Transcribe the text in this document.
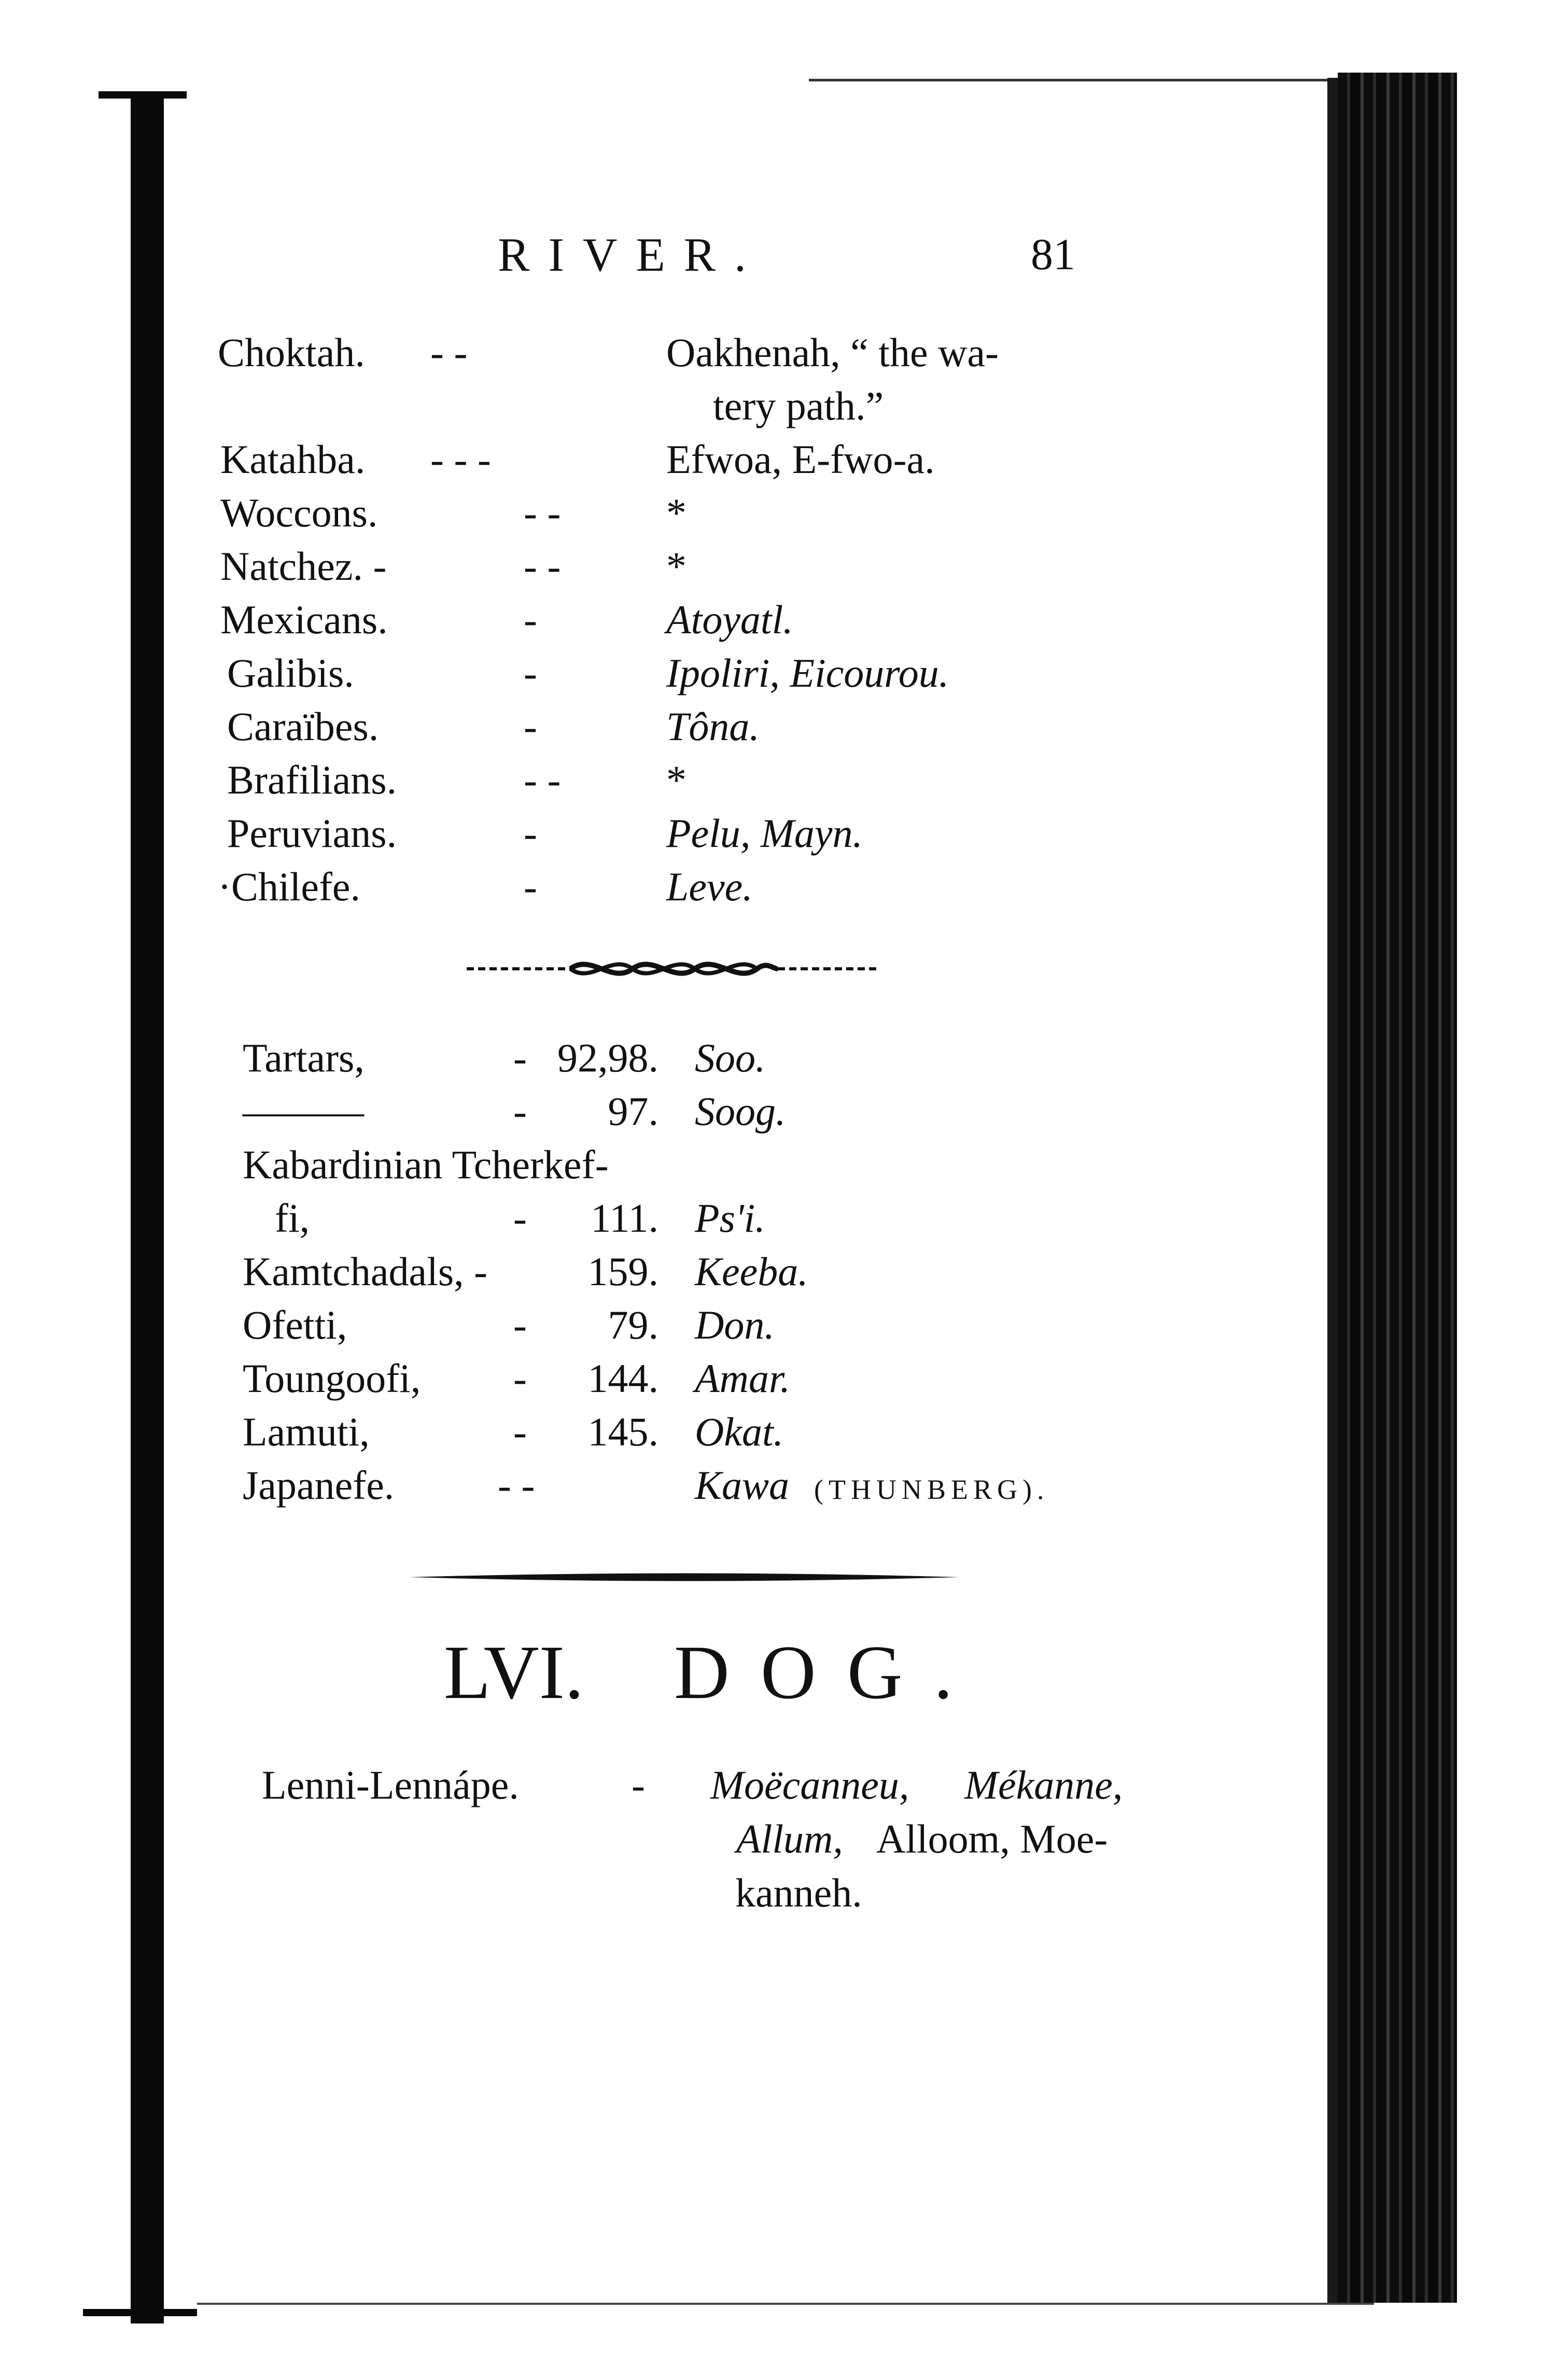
RIVER.	81
Choktah. - -	Oakhenah, “ the wa-
tery path.”
Katahba. - - -	Efwoa, E-fwo-a.
Woccons.	- -	*
Natchez. -	- -	*
Mexicans.	-	Atoyatl.
Galibis.	-	Ipoliri, Eicourou.
Caraïbes.	-	Tôna.
Brafilians.	- -	*
Peruvians.	-	Pelu, Mayn.
·Chilefe.	-	Leve.
Tartars,	- 92,98. Soo.
———	-	97. Soog.
Kabardinian Tcherkef-
fi,	-	111. Ps'i.
Kamtchadals, -	159. Keeba.
Ofetti,	-	79. Don.
Toungoofi, -	144. Amar.
Lamuti,	-	145. Okat.
Japanefe.	- -	Kawa (THUNBERG).
LVI. DOG.
Lenni-Lennápe.	- Moëcanneu, Mékanne,
Allum, Alloom, Moe-
kanneh.
